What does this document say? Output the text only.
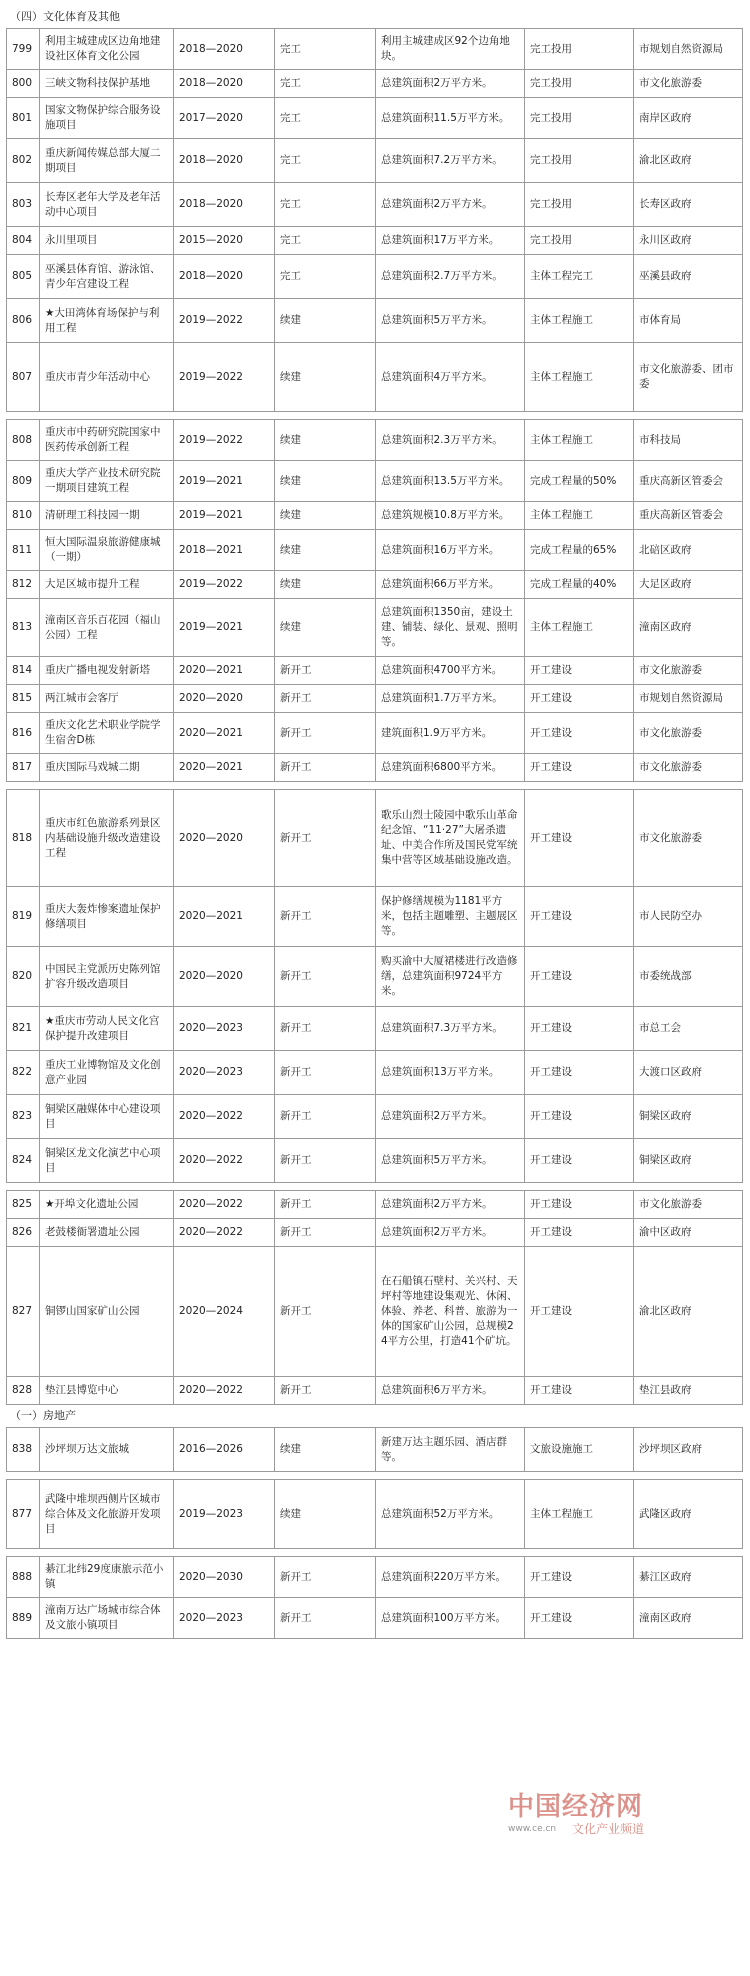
（四）文化体育及其他
799	利用主城建成区边角地建设社区体育文化公园	2018—2020	完工	利用主城建成区92个边角地块。	完工投用	市规划自然资源局
800	三峡文物科技保护基地	2018—2020	完工	总建筑面积2万平方米。	完工投用	市文化旅游委
801	国家文物保护综合服务设施项目	2017—2020	完工	总建筑面积11.5万平方米。	完工投用	南岸区政府
802	重庆新闻传媒总部大厦二期项目	2018—2020	完工	总建筑面积7.2万平方米。	完工投用	渝北区政府
803	长寿区老年大学及老年活动中心项目	2018—2020	完工	总建筑面积2万平方米。	完工投用	长寿区政府
804	永川里项目	2015—2020	完工	总建筑面积17万平方米。	完工投用	永川区政府
805	巫溪县体育馆、游泳馆、青少年宫建设工程	2018—2020	完工	总建筑面积2.7万平方米。	主体工程完工	巫溪县政府
806	★大田湾体育场保护与利用工程	2019—2022	续建	总建筑面积5万平方米。	主体工程施工	市体育局
807	重庆市青少年活动中心	2019—2022	续建	总建筑面积4万平方米。	主体工程施工	市文化旅游委、团市委
808	重庆市中药研究院国家中医药传承创新工程	2019—2022	续建	总建筑面积2.3万平方米。	主体工程施工	市科技局
809	重庆大学产业技术研究院一期项目建筑工程	2019—2021	续建	总建筑面积13.5万平方米。	完成工程量的50%	重庆高新区管委会
810	清研理工科技园一期	2019—2021	续建	总建筑规模10.8万平方米。	主体工程施工	重庆高新区管委会
811	恒大国际温泉旅游健康城（一期）	2018—2021	续建	总建筑面积16万平方米。	完成工程量的65%	北碚区政府
812	大足区城市提升工程	2019—2022	续建	总建筑面积66万平方米。	完成工程量的40%	大足区政府
813	潼南区音乐百花园（福山公园）工程	2019—2021	续建	总建筑面积1350亩，建设土建、铺装、绿化、景观、照明等。	主体工程施工	潼南区政府
814	重庆广播电视发射新塔	2020—2021	新开工	总建筑面积4700平方米。	开工建设	市文化旅游委
815	两江城市会客厅	2020—2020	新开工	总建筑面积1.7万平方米。	开工建设	市规划自然资源局
816	重庆文化艺术职业学院学生宿舍D栋	2020—2021	新开工	建筑面积1.9万平方米。	开工建设	市文化旅游委
817	重庆国际马戏城二期	2020—2021	新开工	总建筑面积6800平方米。	开工建设	市文化旅游委
818	重庆市红色旅游系列景区内基础设施升级改造建设工程	2020—2020	新开工	歌乐山烈士陵园中歌乐山革命纪念馆、“11·27”大屠杀遗址、中美合作所及国民党军统集中营等区域基础设施改造。	开工建设	市文化旅游委
819	重庆大轰炸惨案遗址保护修缮项目	2020—2021	新开工	保护修缮规模为1181平方米，包括主题雕塑、主题展区等。	开工建设	市人民防空办
820	中国民主党派历史陈列馆扩容升级改造项目	2020—2020	新开工	购买渝中大厦裙楼进行改造修缮，总建筑面积9724平方米。	开工建设	市委统战部
821	★重庆市劳动人民文化宫保护提升改建项目	2020—2023	新开工	总建筑面积7.3万平方米。	开工建设	市总工会
822	重庆工业博物馆及文化创意产业园	2020—2023	新开工	总建筑面积13万平方米。	开工建设	大渡口区政府
823	铜梁区融媒体中心建设项目	2020—2022	新开工	总建筑面积2万平方米。	开工建设	铜梁区政府
824	铜梁区龙文化演艺中心项目	2020—2022	新开工	总建筑面积5万平方米。	开工建设	铜梁区政府
825	★开埠文化遗址公园	2020—2022	新开工	总建筑面积2万平方米。	开工建设	市文化旅游委
826	老鼓楼衙署遗址公园	2020—2022	新开工	总建筑面积2万平方米。	开工建设	渝中区政府
827	铜锣山国家矿山公园	2020—2024	新开工	在石船镇石壁村、关兴村、天坪村等地建设集观光、休闲、体验、养老、科普、旅游为一体的国家矿山公园，总规模24平方公里，打造41个矿坑。	开工建设	渝北区政府
828	垫江县博览中心	2020—2022	新开工	总建筑面积6万平方米。	开工建设	垫江县政府
（一）房地产
838	沙坪坝万达文旅城	2016—2026	续建	新建万达主题乐园、酒店群等。	文旅设施施工	沙坪坝区政府
877	武隆中堆坝西侧片区城市综合体及文化旅游开发项目	2019—2023	续建	总建筑面积52万平方米。	主体工程施工	武隆区政府
888	綦江北纬29度康旅示范小镇	2020—2030	新开工	总建筑面积220万平方米。	开工建设	綦江区政府
889	潼南万达广场城市综合体及文旅小镇项目	2020—2023	新开工	总建筑面积100万平方米。	开工建设	潼南区政府
中国经济网
www.ce.cn 文化产业频道
